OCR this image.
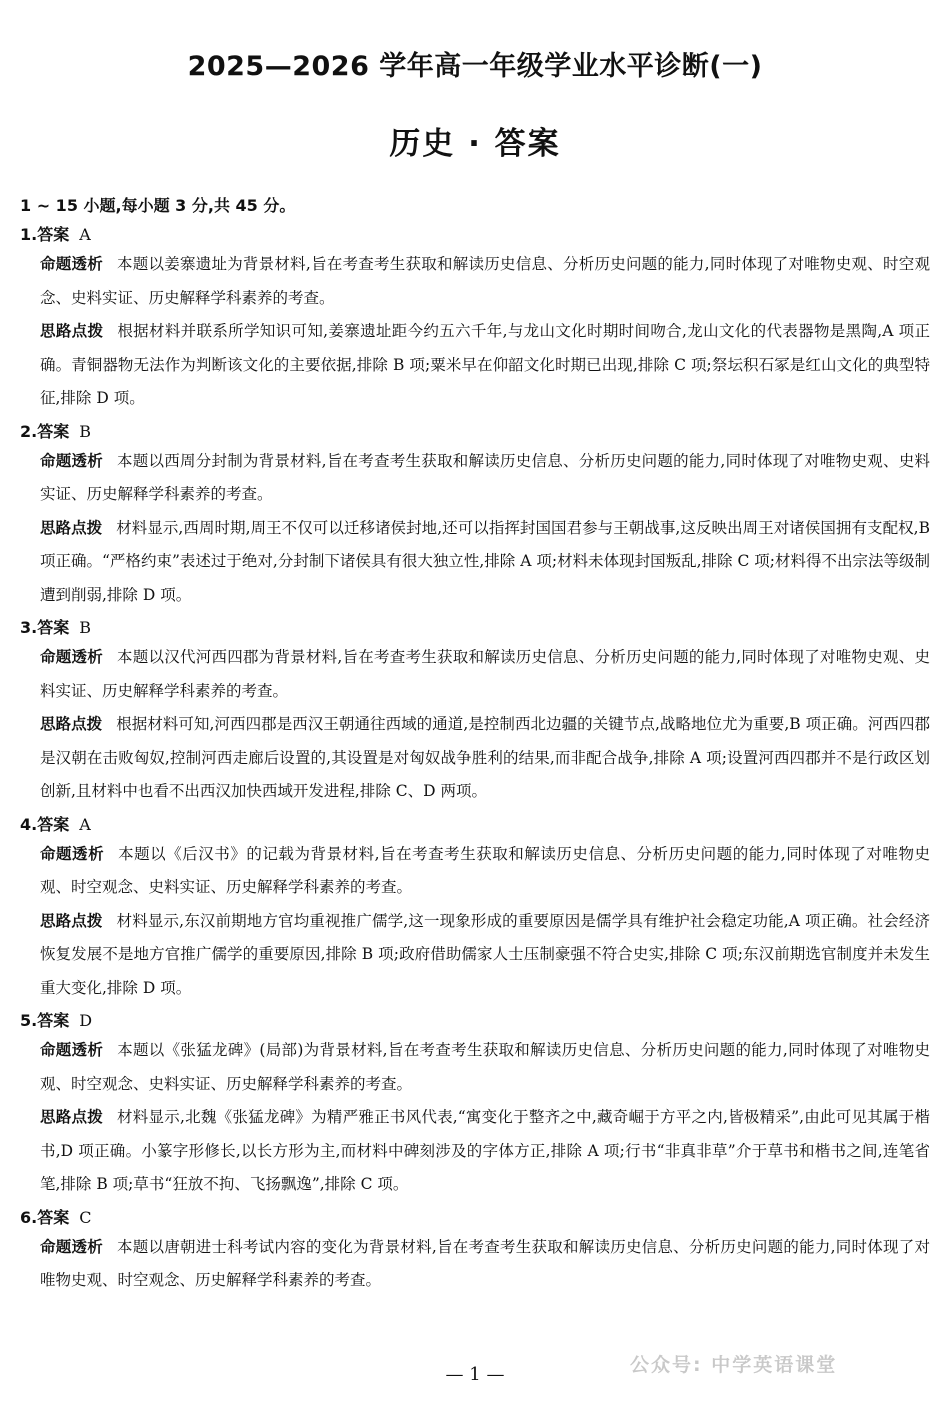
2025—2026 学年高一年级学业水平诊断(一)
历史 · 答案
1 ~ 15 小题,每小题 3 分,共 45 分。
1.答案 A
命题透析 本题以姜寨遗址为背景材料,旨在考查考生获取和解读历史信息、分析历史问题的能力,同时体现了对唯物史观、时空观念、史料实证、历史解释学科素养的考查。
思路点拨 根据材料并联系所学知识可知,姜寨遗址距今约五六千年,与龙山文化时期时间吻合,龙山文化的代表器物是黑陶,A 项正确。青铜器物无法作为判断该文化的主要依据,排除 B 项;粟米早在仰韶文化时期已出现,排除 C 项;祭坛积石冢是红山文化的典型特征,排除 D 项。
2.答案 B
命题透析 本题以西周分封制为背景材料,旨在考查考生获取和解读历史信息、分析历史问题的能力,同时体现了对唯物史观、史料实证、历史解释学科素养的考查。
思路点拨 材料显示,西周时期,周王不仅可以迁移诸侯封地,还可以指挥封国国君参与王朝战事,这反映出周王对诸侯国拥有支配权,B 项正确。“严格约束”表述过于绝对,分封制下诸侯具有很大独立性,排除 A 项;材料未体现封国叛乱,排除 C 项;材料得不出宗法等级制遭到削弱,排除 D 项。
3.答案 B
命题透析 本题以汉代河西四郡为背景材料,旨在考查考生获取和解读历史信息、分析历史问题的能力,同时体现了对唯物史观、史料实证、历史解释学科素养的考查。
思路点拨 根据材料可知,河西四郡是西汉王朝通往西域的通道,是控制西北边疆的关键节点,战略地位尤为重要,B 项正确。河西四郡是汉朝在击败匈奴,控制河西走廊后设置的,其设置是对匈奴战争胜利的结果,而非配合战争,排除 A 项;设置河西四郡并不是行政区划创新,且材料中也看不出西汉加快西域开发进程,排除 C、D 两项。
4.答案 A
命题透析 本题以《后汉书》的记载为背景材料,旨在考查考生获取和解读历史信息、分析历史问题的能力,同时体现了对唯物史观、时空观念、史料实证、历史解释学科素养的考查。
思路点拨 材料显示,东汉前期地方官均重视推广儒学,这一现象形成的重要原因是儒学具有维护社会稳定功能,A 项正确。社会经济恢复发展不是地方官推广儒学的重要原因,排除 B 项;政府借助儒家人士压制豪强不符合史实,排除 C 项;东汉前期选官制度并未发生重大变化,排除 D 项。
5.答案 D
命题透析 本题以《张猛龙碑》(局部)为背景材料,旨在考查考生获取和解读历史信息、分析历史问题的能力,同时体现了对唯物史观、时空观念、史料实证、历史解释学科素养的考查。
思路点拨 材料显示,北魏《张猛龙碑》为精严雅正书风代表,“寓变化于整齐之中,藏奇崛于方平之内,皆极精采”,由此可见其属于楷书,D 项正确。小篆字形修长,以长方形为主,而材料中碑刻涉及的字体方正,排除 A 项;行书“非真非草”介于草书和楷书之间,连笔省笔,排除 B 项;草书“狂放不拘、飞扬飘逸”,排除 C 项。
6.答案 C
命题透析 本题以唐朝进士科考试内容的变化为背景材料,旨在考查考生获取和解读历史信息、分析历史问题的能力,同时体现了对唯物史观、时空观念、历史解释学科素养的考查。
公众号: 中学英语课堂
— 1 —
